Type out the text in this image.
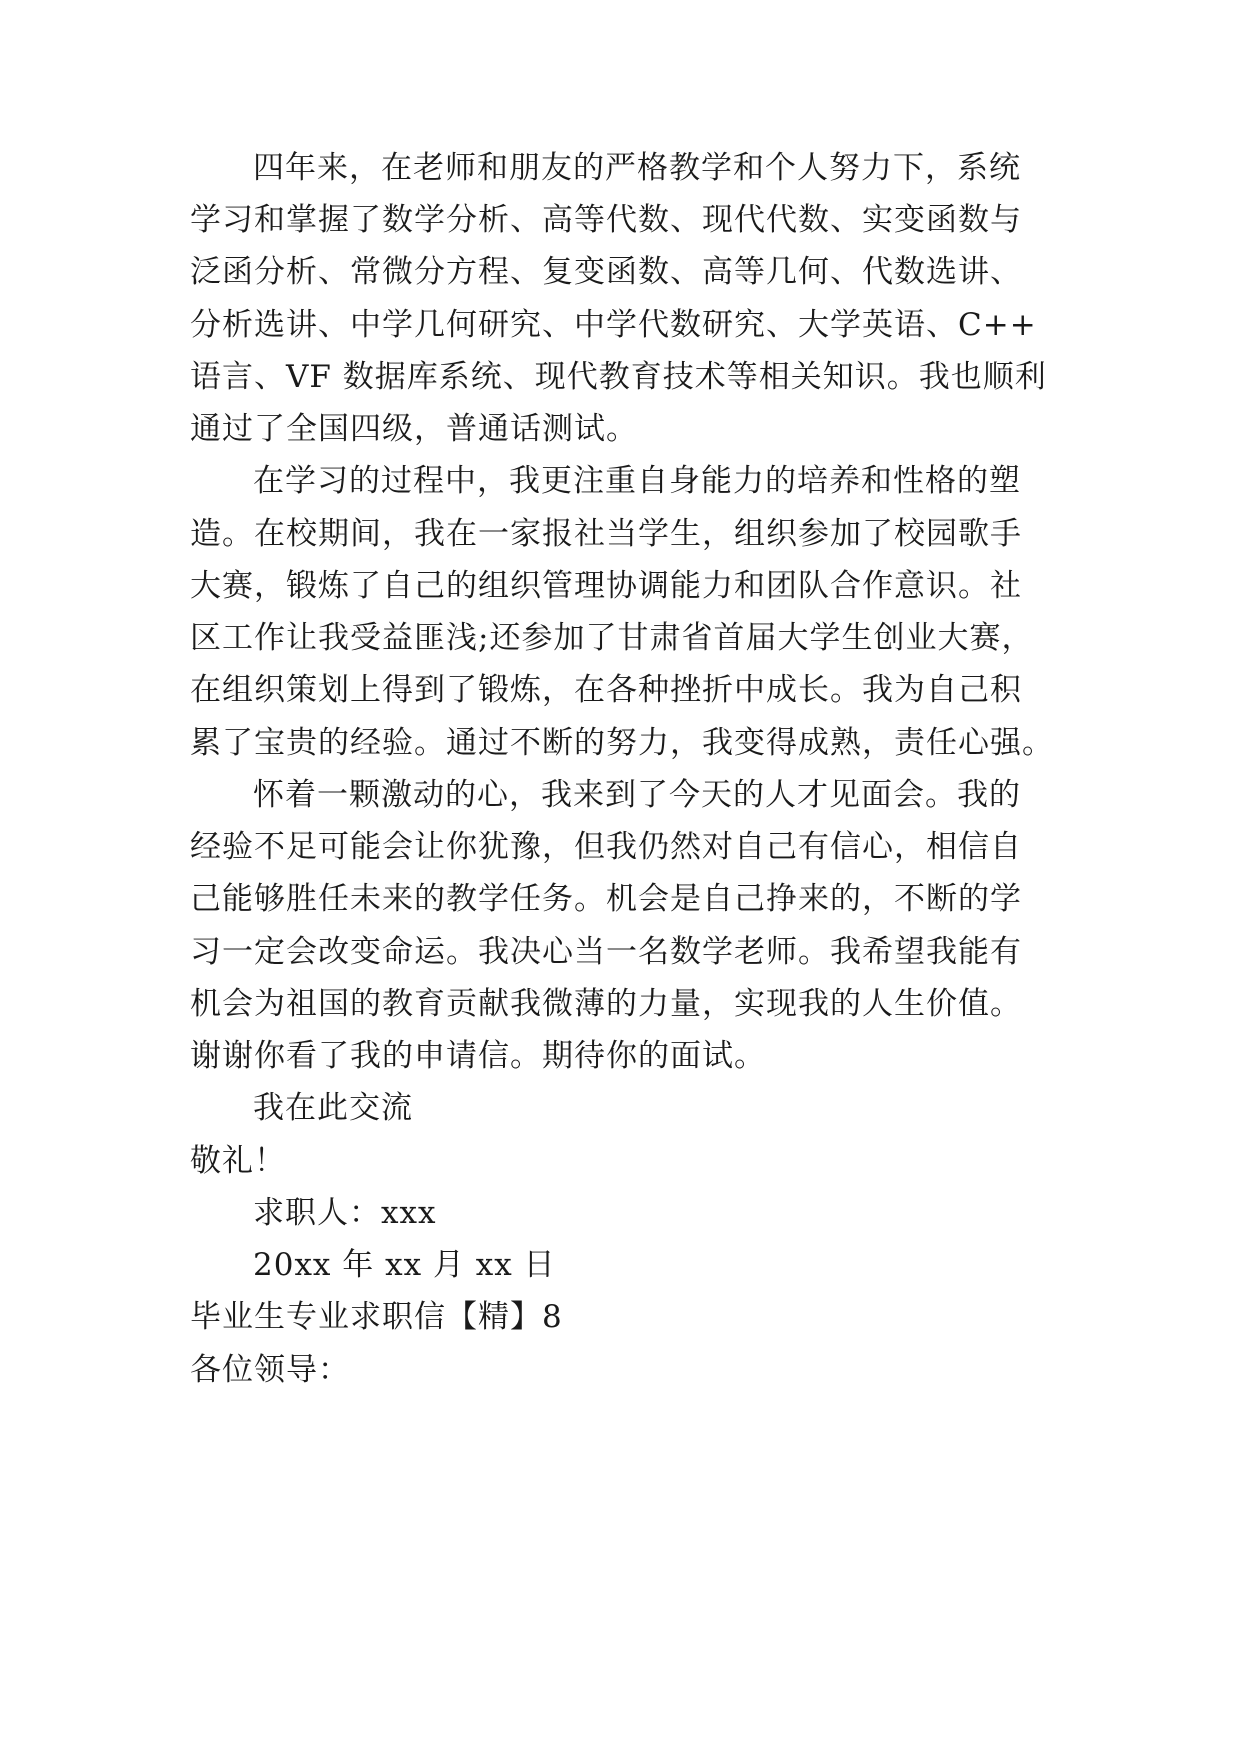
四年来，在老师和朋友的严格教学和个人努力下，系统
学习和掌握了数学分析、高等代数、现代代数、实变函数与
泛函分析、常微分方程、复变函数、高等几何、代数选讲、
分析选讲、中学几何研究、中学代数研究、大学英语、C++
语言、VF 数据库系统、现代教育技术等相关知识。我也顺利
通过了全国四级，普通话测试。
在学习的过程中，我更注重自身能力的培养和性格的塑
造。在校期间，我在一家报社当学生，组织参加了校园歌手
大赛，锻炼了自己的组织管理协调能力和团队合作意识。社
区工作让我受益匪浅;还参加了甘肃省首届大学生创业大赛，
在组织策划上得到了锻炼，在各种挫折中成长。我为自己积
累了宝贵的经验。通过不断的努力，我变得成熟，责任心强。
怀着一颗激动的心，我来到了今天的人才见面会。我的
经验不足可能会让你犹豫，但我仍然对自己有信心，相信自
己能够胜任未来的教学任务。机会是自己挣来的，不断的学
习一定会改变命运。我决心当一名数学老师。我希望我能有
机会为祖国的教育贡献我微薄的力量，实现我的人生价值。
谢谢你看了我的申请信。期待你的面试。
我在此交流
敬礼！
求职人：xxx
20xx 年 xx 月 xx 日
毕业生专业求职信【精】8
各位领导：
